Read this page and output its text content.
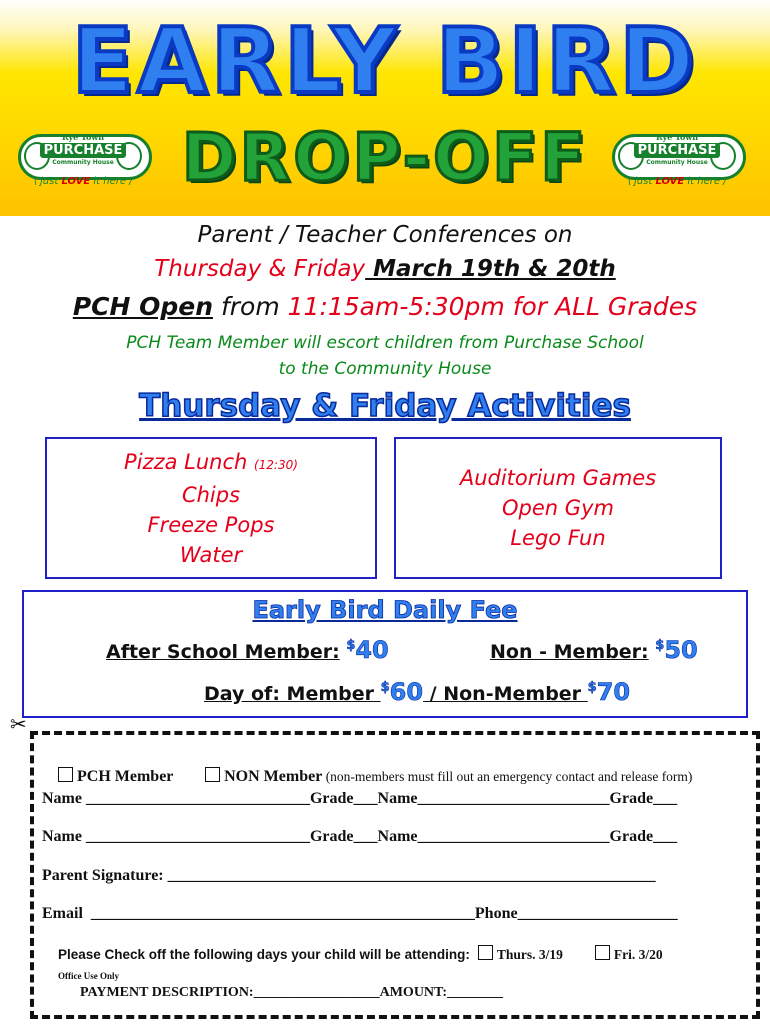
EARLY BIRD
DROP-OFF
Rye Town
PURCHASE
Community House
\ just LOVE it here /
Rye Town
PURCHASE
Community House
\ just LOVE it here /
Parent / Teacher Conferences on
Thursday & Friday March 19th & 20th
PCH Open from 11:15am-5:30pm for ALL Grades
PCH Team Member will escort children from Purchase School
to the Community House
Thursday & Friday Activities
Pizza Lunch (12:30)
Chips
Freeze Pops
Water
Auditorium Games
Open Gym
Lego Fun
Early Bird Daily Fee
After School Member: $40	Non - Member: $50
Day of: Member $60 / Non-Member $70
✂

PCH Member	NON Member (non-members must fill out an emergency contact and release form)

Name ____________________________Grade___Name________________________Grade___
Name ____________________________Grade___Name________________________Grade___
Parent Signature: _____________________________________________________________
Email  ________________________________________________Phone____________________

Please Check off the following days your child will be attending: Thurs. 3/19	Fri. 3/20

Office Use Only
PAYMENT DESCRIPTION:__________________AMOUNT:________
